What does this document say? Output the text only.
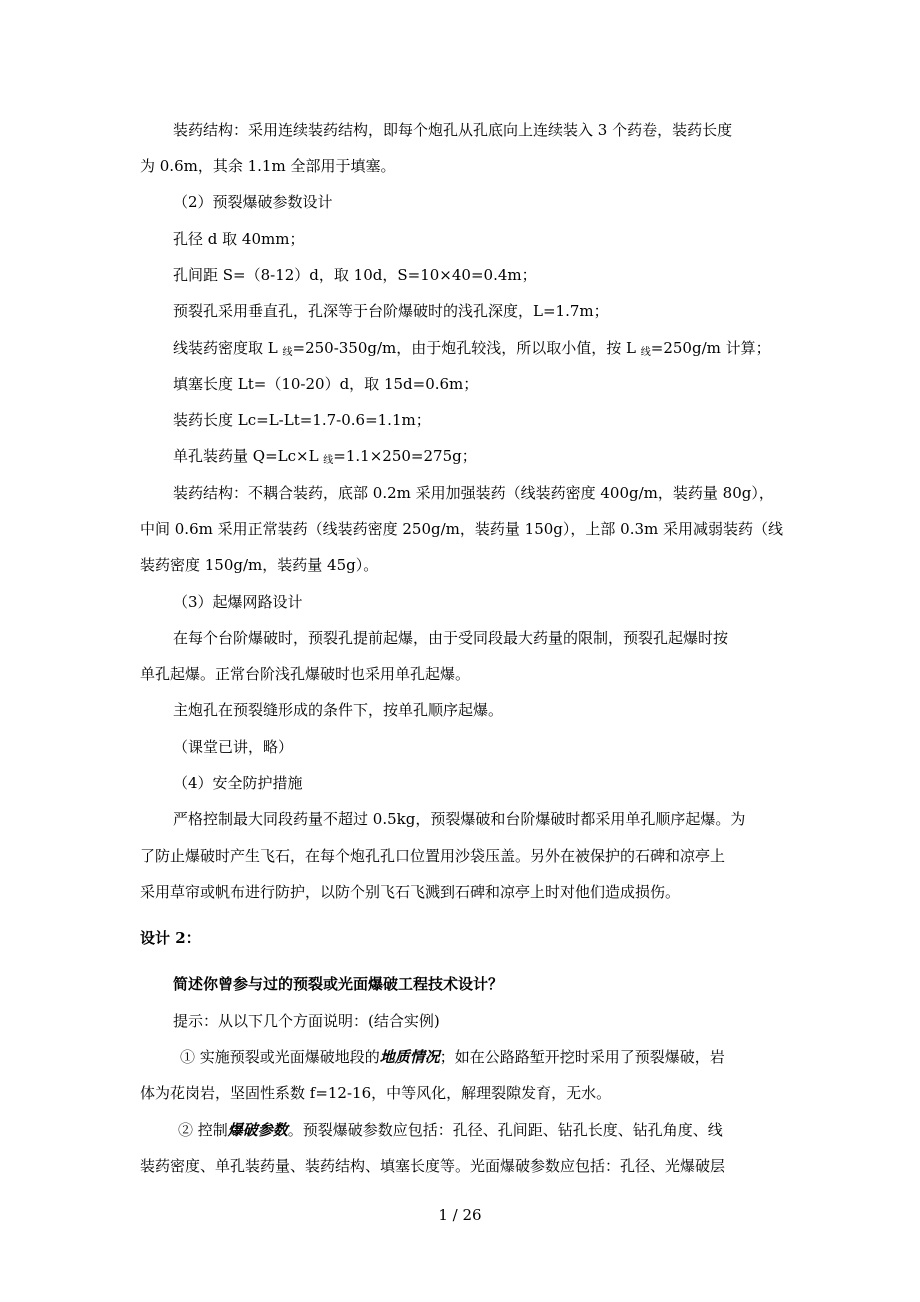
装药结构：采用连续装药结构，即每个炮孔从孔底向上连续装入 3 个药卷，装药长度
为 0.6m，其余 1.1m 全部用于填塞。
（2）预裂爆破参数设计
孔径 d 取 40mm；
孔间距 S=（8-12）d，取 10d，S=10×40=0.4m；
预裂孔采用垂直孔，孔深等于台阶爆破时的浅孔深度，L=1.7m；
线装药密度取 L $_线$=250-350g/m，由于炮孔较浅，所以取小值，按 L $_线$=250g/m 计算；
填塞长度 Lt=（10-20）d，取 15d=0.6m；
装药长度 Lc=L-Lt=1.7-0.6=1.1m；
单孔装药量 Q=Lc×L $_线$=1.1×250=275g；
装药结构：不耦合装药，底部 0.2m 采用加强装药（线装药密度 400g/m，装药量 80g），
中间 0.6m 采用正常装药（线装药密度 250g/m，装药量 150g），上部 0.3m 采用减弱装药（线
装药密度 150g/m，装药量 45g）。
（3）起爆网路设计
在每个台阶爆破时，预裂孔提前起爆，由于受同段最大药量的限制，预裂孔起爆时按
单孔起爆。正常台阶浅孔爆破时也采用单孔起爆。
主炮孔在预裂缝形成的条件下，按单孔顺序起爆。
（课堂已讲，略）
（4）安全防护措施
严格控制最大同段药量不超过 0.5kg，预裂爆破和台阶爆破时都采用单孔顺序起爆。为
了防止爆破时产生飞石，在每个炮孔孔口位置用沙袋压盖。另外在被保护的石碑和凉亭上
采用草帘或帆布进行防护，以防个别飞石飞溅到石碑和凉亭上时对他们造成损伤。
设计 2：
简述你曾参与过的预裂或光面爆破工程技术设计？
提示：从以下几个方面说明：(结合实例)
① 实施预裂或光面爆破地段的地质情况；如在公路路堑开挖时采用了预裂爆破，岩
体为花岗岩，坚固性系数 f=12-16，中等风化，解理裂隙发育，无水。
② 控制爆破参数。预裂爆破参数应包括：孔径、孔间距、钻孔长度、钻孔角度、线
装药密度、单孔装药量、装药结构、填塞长度等。光面爆破参数应包括：孔径、光爆破层
1 / 26
